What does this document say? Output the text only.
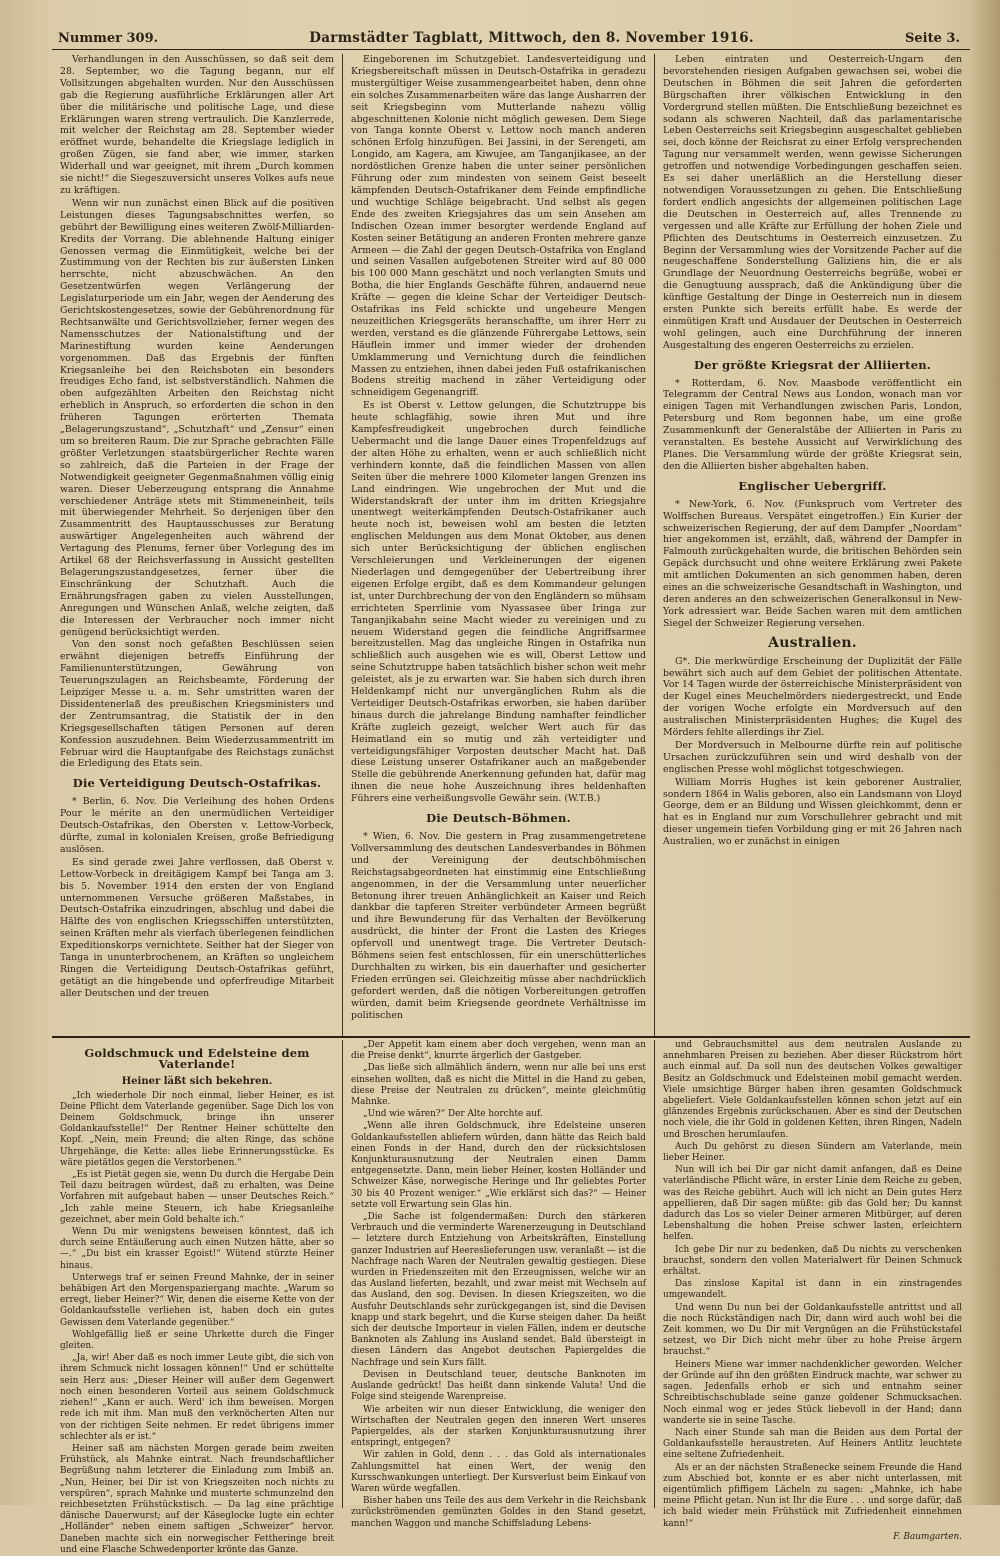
Nummer 309.	Darmstädter Tagblatt, Mittwoch, den 8. November 1916.	Seite 3.

Verhandlungen in den Ausschüssen, so daß seit dem 28. September, wo die Tagung begann, nur elf Vollsitzungen abgehalten wurden. Nur den Ausschüssen gab die Regierung ausführliche Erklärungen aller Art über die militärische und politische Lage, und diese Erklärungen waren streng vertraulich. Die Kanzlerrede, mit welcher der Reichstag am 28. September wieder eröffnet wurde, behandelte die Kriegslage lediglich in großen Zügen, sie fand aber, wie immer, starken Widerhall und war geeignet, mit ihrem „Durch kommen sie nicht!“ die Siegeszuversicht unseres Volkes aufs neue zu kräftigen.

Wenn wir nun zunächst einen Blick auf die positiven Leistungen dieses Tagungsabschnittes werfen, so gebührt der Bewilligung eines weiteren Zwölf-Milliarden-Kredits der Vorrang. Die ablehnende Haltung einiger Genossen vermag die Einmütigkeit, welche bei der Zustimmung von der Rechten bis zur äußersten Linken herrschte, nicht abzuschwächen. An den Gesetzentwürfen wegen Verlängerung der Legislaturperiode um ein Jahr, wegen der Aenderung des Gerichtskostengesetzes, sowie der Gebührenordnung für Rechtsanwälte und Gerichtsvollzieher, ferner wegen des Namensschutzes der Nationalstiftung und der Marinestiftung wurden keine Aenderungen vorgenommen. Daß das Ergebnis der fünften Kriegsanleihe bei den Reichsboten ein besonders freudiges Echo fand, ist selbstverständlich. Nahmen die oben aufgezählten Arbeiten den Reichstag nicht erheblich in Anspruch, so erforderten die schon in den früheren Tagungen erörterten Themata „Belagerungszustand“, „Schutzhaft“ und „Zensur“ einen um so breiteren Raum. Die zur Sprache gebrachten Fälle größter Verletzungen staatsbürgerlicher Rechte waren so zahlreich, daß die Parteien in der Frage der Notwendigkeit geeigneter Gegenmaßnahmen völlig einig waren. Dieser Ueberzeugung entsprang die Annahme verschiedener Anträge stets mit Stimmeneinheit, teils mit überwiegender Mehrheit. So derjenigen über den Zusammentritt des Hauptausschusses zur Beratung auswärtiger Angelegenheiten auch während der Vertagung des Plenums, ferner über Vorlegung des im Artikel 68 der Reichsverfassung in Aussicht gestellten Belagerungszustandgesetzes, ferner über die Einschränkung der Schutzhaft. Auch die Ernährungsfragen gaben zu vielen Ausstellungen, Anregungen und Wünschen Anlaß, welche zeigten, daß die Interessen der Verbraucher noch immer nicht genügend berücksichtigt werden.

Von den sonst noch gefaßten Beschlüssen seien erwähnt diejenigen betreffs Einführung der Familienunterstützungen, Gewährung von Teuerungszulagen an Reichsbeamte, Förderung der Leipziger Messe u. a. m. Sehr umstritten waren der Dissidentenerlaß des preußischen Kriegsministers und der Zentrumsantrag, die Statistik der in den Kriegsgesellschaften tätigen Personen auf deren Konfession auszudehnen. Beim Wiederzusammentritt im Februar wird die Hauptaufgabe des Reichstags zunächst die Erledigung des Etats sein.

Die Verteidigung Deutsch-Ostafrikas.

* Berlin, 6. Nov. Die Verleihung des hohen Ordens Pour le mérite an den unermüdlichen Verteidiger Deutsch-Ostafrikas, den Obersten v. Lettow-Vorbeck, dürfte, zumal in kolonialen Kreisen, große Befriedigung auslösen.

Es sind gerade zwei Jahre verflossen, daß Oberst v. Lettow-Vorbeck in dreitägigem Kampf bei Tanga am 3. bis 5. November 1914 den ersten der von England unternommenen Versuche größeren Maßstabes, in Deutsch-Ostafrika einzudringen, abschlug und dabei die Hälfte des von englischen Kriegsschiffen unterstützten, seinen Kräften mehr als vierfach überlegenen feindlichen Expeditionskorps vernichtete. Seither hat der Sieger von Tanga in ununterbrochenem, an Kräften so ungleichem Ringen die Verteidigung Deutsch-Ostafrikas geführt, getätigt an die hingebende und opferfreudige Mitarbeit aller Deutschen und der treuen

Eingeborenen im Schutzgebiet. Landesverteidigung und Kriegsbereitschaft müssen in Deutsch-Ostafrika in geradezu mustergültiger Weise zusammengearbeitet haben, denn ohne ein solches Zusammenarbeiten wäre das lange Ausharren der seit Kriegsbeginn vom Mutterlande nahezu völlig abgeschnittenen Kolonie nicht möglich gewesen. Dem Siege von Tanga konnte Oberst v. Lettow noch manch anderen schönen Erfolg hinzufügen. Bei Jassini, in der Serengeti, am Longido, am Kagera, am Kiwujee, am Tanganjikasee, an der nordöstlichen Grenze haben die unter seiner persönlichen Führung oder zum mindesten von seinem Geist beseelt kämpfenden Deutsch-Ostafrikaner dem Feinde empfindliche und wuchtige Schläge beigebracht. Und selbst als gegen Ende des zweiten Kriegsjahres das um sein Ansehen am Indischen Ozean immer besorgter werdende England auf Kosten seiner Betätigung an anderen Fronten mehrere ganze Armeen — die Zahl der gegen Deutsch-Ostafrika von England und seinen Vasallen aufgebotenen Streiter wird auf 80 000 bis 100 000 Mann geschätzt und noch verlangten Smuts und Botha, die hier Englands Geschäfte führen, andauernd neue Kräfte — gegen die kleine Schar der Verteidiger Deutsch-Ostafrikas ins Feld schickte und ungeheure Mengen neuzeitlichen Kriegsgeräts heranschaffte, um ihrer Herr zu werden, verstand es die glänzende Führergabe Lettows, sein Häuflein immer und immer wieder der drohenden Umklammerung und Vernichtung durch die feindlichen Massen zu entziehen, ihnen dabei jeden Fuß ostafrikanischen Bodens streitig machend in zäher Verteidigung oder schneidigem Gegenangriff.

Es ist Oberst v. Lettow gelungen, die Schutztruppe bis heute schlagfähig, sowie ihren Mut und ihre Kampfesfreudigkeit ungebrochen durch feindliche Uebermacht und die lange Dauer eines Tropenfeldzugs auf der alten Höhe zu erhalten, wenn er auch schließlich nicht verhindern konnte, daß die feindlichen Massen von allen Seiten über die mehrere 1000 Kilometer langen Grenzen ins Land eindringen. Wie ungebrochen der Mut und die Widerstandskraft der unter ihm im dritten Kriegsjahre unentwegt weiterkämpfenden Deutsch-Ostafrikaner auch heute noch ist, beweisen wohl am besten die letzten englischen Meldungen aus dem Monat Oktober, aus denen sich unter Berücksichtigung der üblichen englischen Verschleierungen und Verkleinerungen der eigenen Niederlagen und demgegenüber der Uebertreibung ihrer eigenen Erfolge ergibt, daß es dem Kommandeur gelungen ist, unter Durchbrechung der von den Engländern so mühsam errichteten Sperrlinie vom Nyassasee über Iringa zur Tanganjikabahn seine Macht wieder zu vereinigen und zu neuem Widerstand gegen die feindliche Angriffsarmee bereitzustellen. Mag das ungleiche Ringen in Ostafrika nun schließlich auch ausgehen wie es will, Oberst Lettow und seine Schutztruppe haben tatsächlich bisher schon weit mehr geleistet, als je zu erwarten war. Sie haben sich durch ihren Heldenkampf nicht nur unvergänglichen Ruhm als die Verteidiger Deutsch-Ostafrikas erworben, sie haben darüber hinaus durch die jahrelange Bindung namhafter feindlicher Kräfte zugleich gezeigt, welcher Wert auch für das Heimatland ein so mutig und zäh verteidigter und verteidigungsfähiger Vorposten deutscher Macht hat. Daß diese Leistung unserer Ostafrikaner auch an maßgebender Stelle die gebührende Anerkennung gefunden hat, dafür mag ihnen die neue hohe Auszeichnung ihres heldenhaften Führers eine verheißungsvolle Gewähr sein. (W.T.B.)

Die Deutsch-Böhmen.

* Wien, 6. Nov. Die gestern in Prag zusammengetretene Vollversammlung des deutschen Landesverbandes in Böhmen und der Vereinigung der deutschböhmischen Reichstagsabgeordneten hat einstimmig eine Entschließung angenommen, in der die Versammlung unter neuerlicher Betonung ihrer treuen Anhänglichkeit an Kaiser und Reich dankbar die tapferen Streiter verbündeter Armeen begrüßt und ihre Bewunderung für das Verhalten der Bevölkerung ausdrückt, die hinter der Front die Lasten des Krieges opfervoll und unentwegt trage. Die Vertreter Deutsch-Böhmens seien fest entschlossen, für ein unerschütterliches Durchhalten zu wirken, bis ein dauerhafter und gesicherter Frieden errüngen sei. Gleichzeitig müsse aber nachdrücklich gefordert werden, daß die nötigen Vorbereitungen getroffen würden, damit beim Kriegsende geordnete Verhältnisse im politischen

Leben eintraten und Oesterreich-Ungarn den bevorstehenden riesigen Aufgaben gewachsen sei, wobei die Deutschen in Böhmen die seit Jahren die geforderten Bürgschaften ihrer völkischen Entwicklung in den Vordergrund stellen müßten. Die Entschließung bezeichnet es sodann als schweren Nachteil, daß das parlamentarische Leben Oesterreichs seit Kriegsbeginn ausgeschaltet geblieben sei, doch könne der Reichsrat zu einer Erfolg versprechenden Tagung nur versammelt werden, wenn gewisse Sicherungen getroffen und notwendige Vorbedingungen geschaffen seien. Es sei daher unerläßlich an die Herstellung dieser notwendigen Voraussetzungen zu gehen. Die Entschließung fordert endlich angesichts der allgemeinen politischen Lage die Deutschen in Oesterreich auf, alles Trennende zu vergessen und alle Kräfte zur Erfüllung der hohen Ziele und Pflichten des Deutschtums in Oesterreich einzusetzen. Zu Beginn der Versammlung wies der Vorsitzende Pacher auf die neugeschaffene Sonderstellung Galiziens hin, die er als Grundlage der Neuordnung Oesterreichs begrüße, wobei er die Genugtuung aussprach, daß die Ankündigung über die künftige Gestaltung der Dinge in Oesterreich nun in diesem ersten Punkte sich bereits erfüllt habe. Es werde der einmütigen Kraft und Ausdauer der Deutschen in Oesterreich wohl gelingen, auch eine Durchführung der inneren Ausgestaltung des engeren Oesterreichs zu erzielen.

Der größte Kriegsrat der Alliierten.

* Rotterdam, 6. Nov. Maasbode veröffentlicht ein Telegramm der Central News aus London, wonach man vor einigen Tagen mit Verhandlungen zwischen Paris, London, Petersburg und Rom begonnen habe, um eine große Zusammenkunft der Generalstäbe der Alliierten in Paris zu veranstalten. Es bestehe Aussicht auf Verwirklichung des Planes. Die Versammlung würde der größte Kriegsrat sein, den die Alliierten bisher abgehalten haben.

Englischer Uebergriff.

* New-York, 6. Nov. (Funkspruch vom Vertreter des Wolffschen Bureaus. Verspätet eingetroffen.) Ein Kurier der schweizerischen Regierung, der auf dem Dampfer „Noordam“ hier angekommen ist, erzählt, daß, während der Dampfer in Falmouth zurückgehalten wurde, die britischen Behörden sein Gepäck durchsucht und ohne weitere Erklärung zwei Pakete mit amtlichen Dokumenten an sich genommen haben, deren eines an die schweizerische Gesandtschaft in Washington, und deren anderes an den schweizerischen Generalkonsul in New-York adressiert war. Beide Sachen waren mit dem amtlichen Siegel der Schweizer Regierung versehen.

Australien.

G*. Die merkwürdige Erscheinung der Duplizität der Fälle bewährt sich auch auf dem Gebiet der politischen Attentate. Vor 14 Tagen wurde der österreichische Ministerpräsident von der Kugel eines Meuchelmörders niedergestreckt, und Ende der vorigen Woche erfolgte ein Mordversuch auf den australischen Ministerpräsidenten Hughes; die Kugel des Mörders fehlte allerdings ihr Ziel.

Der Mordversuch in Melbourne dürfte rein auf politische Ursachen zurückzuführen sein und wird deshalb von der englischen Presse wohl möglichst totgeschwiegen.

William Morris Hughes ist kein geborener Australier, sondern 1864 in Walis geboren, also ein Landsmann von Lloyd George, dem er an Bildung und Wissen gleichkommt, denn er hat es in England nur zum Vorschullehrer gebracht und mit dieser ungemein tiefen Vorbildung ging er mit 26 Jahren nach Australien, wo er zunächst in einigen

Goldschmuck und Edelsteine dem Vaterlande!
Heiner läßt sich bekehren.

„Ich wiederhole Dir noch einmal, lieber Heiner, es ist Deine Pflicht dem Vaterlande gegenüber. Sage Dich los von Deinem Goldschmuck, bringe ihn unserer Goldankaufsstelle!“ Der Rentner Heiner schüttelte den Kopf. „Nein, mein Freund; die alten Ringe, das schöne Uhrgehänge, die Kette: alles liebe Erinnerungsstücke. Es wäre pietätlos gegen die Verstorbenen.“

„Es ist Pietät gegen sie, wenn Du durch die Hergabe Dein Teil dazu beitragen würdest, daß zu erhalten, was Deine Vorfahren mit aufgebaut haben — unser Deutsches Reich.“ „Ich zahle meine Steuern, ich habe Kriegsanleihe gezeichnet, aber mein Gold behalte ich.“

Wenn Du mir wenigstens beweisen könntest, daß ich durch seine Entäußerung auch einen Nutzen hätte, aber so —.“ „Du bist ein krasser Egoist!“ Wütend stürzte Heiner hinaus.

Unterwegs traf er seinen Freund Mahnke, der in seiner behäbigen Art den Morgenspaziergang machte. „Warum so erregt, lieber Heiner?“ Wir, denen die eiserne Kette von der Goldankaufsstelle verliehen ist, haben doch ein gutes Gewissen dem Vaterlande gegenüber.“

Wohlgefällig ließ er seine Uhrkette durch die Finger gleiten.

„Ja, wir! Aber daß es noch immer Leute gibt, die sich von ihrem Schmuck nicht lossagen können!“ Und er schüttelte sein Herz aus: „Dieser Heiner will außer dem Gegenwert noch einen besonderen Vorteil aus seinem Goldschmuck ziehen!“ „Kann er auch. Werd' ich ihm beweisen. Morgen rede ich mit ihm. Man muß den verknöcherten Alten nur von der richtigen Seite nehmen. Er redet übrigens immer schlechter als er ist.“

Heiner saß am nächsten Morgen gerade beim zweiten Frühstück, als Mahnke eintrat. Nach freundschaftlicher Begrüßung nahm letzterer die Einladung zum Imbiß an. „Nun, Heiner, bei Dir ist von Kriegszeiten noch nichts zu verspüren“, sprach Mahnke und musterte schmunzelnd den reichbesetzten Frühstückstisch. — Da lag eine prächtige dänische Dauerwurst; auf der Käseglocke lugte ein echter „Holländer“ neben einem saftigen „Schweizer“ hervor. Daneben machte sich ein norwegischer Fettheringe breit und eine Flasche Schwedenporter krönte das Ganze.

„Der Appetit kam einem aber doch vergehen, wenn man an die Preise denkt“, knurrte ärgerlich der Gastgeber.

„Das ließe sich allmählich ändern, wenn nur alle bei uns erst einsehen wollten, daß es nicht die Mittel in die Hand zu geben, diese Preise der Neutralen zu drücken“, meinte gleichmütig Mahnke.

„Und wie wären?“ Der Alte horchte auf.

„Wenn alle ihren Goldschmuck, ihre Edelsteine unseren Goldankaufsstellen abliefern würden, dann hätte das Reich bald einen Fonds in der Hand, durch den der rücksichtslosen Konjunkturausnutzung der Neutralen einen Damm entgegensetzte. Dann, mein lieber Heiner, kosten Holländer und Schweizer Käse, norwegische Heringe und Ihr geliebtes Porter 30 bis 40 Prozent weniger.“ „Wie erklärst sich das?“ — Heiner setzte voll Erwartung sein Glas hin.

„Die Sache ist folgendermaßen: Durch den stärkeren Verbrauch und die verminderte Warenerzeugung in Deutschland — letztere durch Entziehung von Arbeitskräften, Einstellung ganzer Industrien auf Heereslieferungen usw. veranlaßt — ist die Nachfrage nach Waren der Neutralen gewaltig gestiegen. Diese wurden in Friedenszeiten mit den Erzeugnissen, welche wir an das Ausland lieferten, bezahlt, und zwar meist mit Wechseln auf das Ausland, den sog. Devisen. In diesen Kriegszeiten, wo die Ausfuhr Deutschlands sehr zurückgegangen ist, sind die Devisen knapp und stark begehrt, und die Kurse steigen daher. Da heißt sich der deutsche Importeur in vielen Fällen, indem er deutsche Banknoten als Zahlung ins Ausland sendet. Bald übersteigt in diesen Ländern das Angebot deutschen Papiergeldes die Nachfrage und sein Kurs fällt.

Devisen in Deutschland teuer, deutsche Banknoten im Auslande gedrückt! Das heißt dann sinkende Valuta! Und die Folge sind steigende Warenpreise.

Wie arbeiten wir nun dieser Entwicklung, die weniger den Wirtschaften der Neutralen gegen den inneren Wert unseres Papiergeldes, als der starken Konjunkturausnutzung ihrer entspringt, entgegen?

Wir zahlen in Gold, denn . . . das Gold als internationales Zahlungsmittel hat einen Wert, der wenig den Kursschwankungen unterliegt. Der Kursverlust beim Einkauf von Waren würde wegfallen.

Bisher haben uns Teile des aus dem Verkehr in die Reichsbank zurückströmenden gemünzten Goldes in den Stand gesetzt, manchen Waggon und manche Schiffsladung Lebens-

und Gebrauchsmittel aus dem neutralen Auslande zu annehmbaren Preisen zu beziehen. Aber dieser Rückstrom hört auch einmal auf. Da soll nun des deutschen Volkes gewaltiger Besitz an Goldschmuck und Edelsteinen mobil gemacht werden. Viele umsichtige Bürger haben ihren gesamten Goldschmuck abgeliefert. Viele Goldankaufsstellen können schon jetzt auf ein glänzendes Ergebnis zurückschauen. Aber es sind der Deutschen noch viele, die ihr Gold in goldenen Ketten, ihren Ringen, Nadeln und Broschen herumlaufen.

Auch Du gehörst zu diesen Sündern am Vaterlande, mein lieber Heiner.

Nun will ich bei Dir gar nicht damit anfangen, daß es Deine vaterländische Pflicht wäre, in erster Linie dem Reiche zu geben, was des Reiche gebührt. Auch will ich nicht an Dein gutes Herz appellieren, daß Dir sagen müßte: gib das Gold her; Du kannst dadurch das Los so vieler Deiner armeren Mitbürger, auf deren Lebenshaltung die hohen Preise schwer lasten, erleichtern helfen.

Ich gebe Dir nur zu bedenken, daß Du nichts zu verschenken brauchst, sondern den vollen Materialwert für Deinen Schmuck erhältst.

Das zinslose Kapital ist dann in ein zinstragendes umgewandelt.

Und wenn Du nun bei der Goldankaufsstelle antrittst und all die noch Rückständigen nach Dir, dann wird auch wohl bei die Zeit kommen, wo Du Dir mit Vergnügen an die Frühstückstafel setzest, wo Dir Dich nicht mehr über zu hohe Preise ärgern brauchst.“

Heiners Miene war immer nachdenklicher geworden. Welcher der Gründe auf ihn den größten Eindruck machte, war schwer zu sagen. Jedenfalls erhob er sich und entnahm seiner Schreibtischschublade seine ganze goldener Schmucksachen. Noch einmal wog er jedes Stück liebevoll in der Hand; dann wanderte sie in seine Tasche.

Nach einer Stunde sah man die Beiden aus dem Portal der Goldankaufsstelle heraustreten. Auf Heiners Antlitz leuchtete eine seltene Zufriedenheit.

Als er an der nächsten Straßenecke seinem Freunde die Hand zum Abschied bot, konnte er es aber nicht unterlassen, mit eigentümlich pfiffigem Lächeln zu sagen: „Mahnke, ich habe meine Pflicht getan. Nun ist Ihr die Eure . . . und sorge dafür, daß ich bald wieder mein Frühstück mit Zufriedenheit einnehmen kann!“

F. Baumgarten.
